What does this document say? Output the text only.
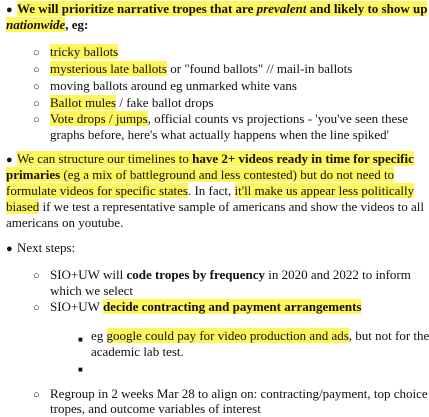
● We will prioritize narrative tropes that are prevalent and likely to show up
nationwide, eg:
○ tricky ballots
○ mysterious late ballots or "found ballots" // mail-in ballots
○ moving ballots around eg unmarked white vans
○ Ballot mules / fake ballot drops
○ Vote drops / jumps, official counts vs projections - 'you've seen these
graphs before, here's what actually happens when the line spiked'
● We can structure our timelines to have 2+ videos ready in time for specific
primaries (eg a mix of battleground and less contested) but do not need to
formulate videos for specific states. In fact, it'll make us appear less politically
biased if we test a representative sample of americans and show the videos to all
americans on youtube.
● Next steps:
○ SIO+UW will code tropes by frequency in 2020 and 2022 to inform
which we select
○ SIO+UW decide contracting and payment arrangements
■ eg google could pay for video production and ads, but not for the
academic lab test.
■
○ Regroup in 2 weeks Mar 28 to align on: contracting/payment, top choice
tropes, and outcome variables of interest
